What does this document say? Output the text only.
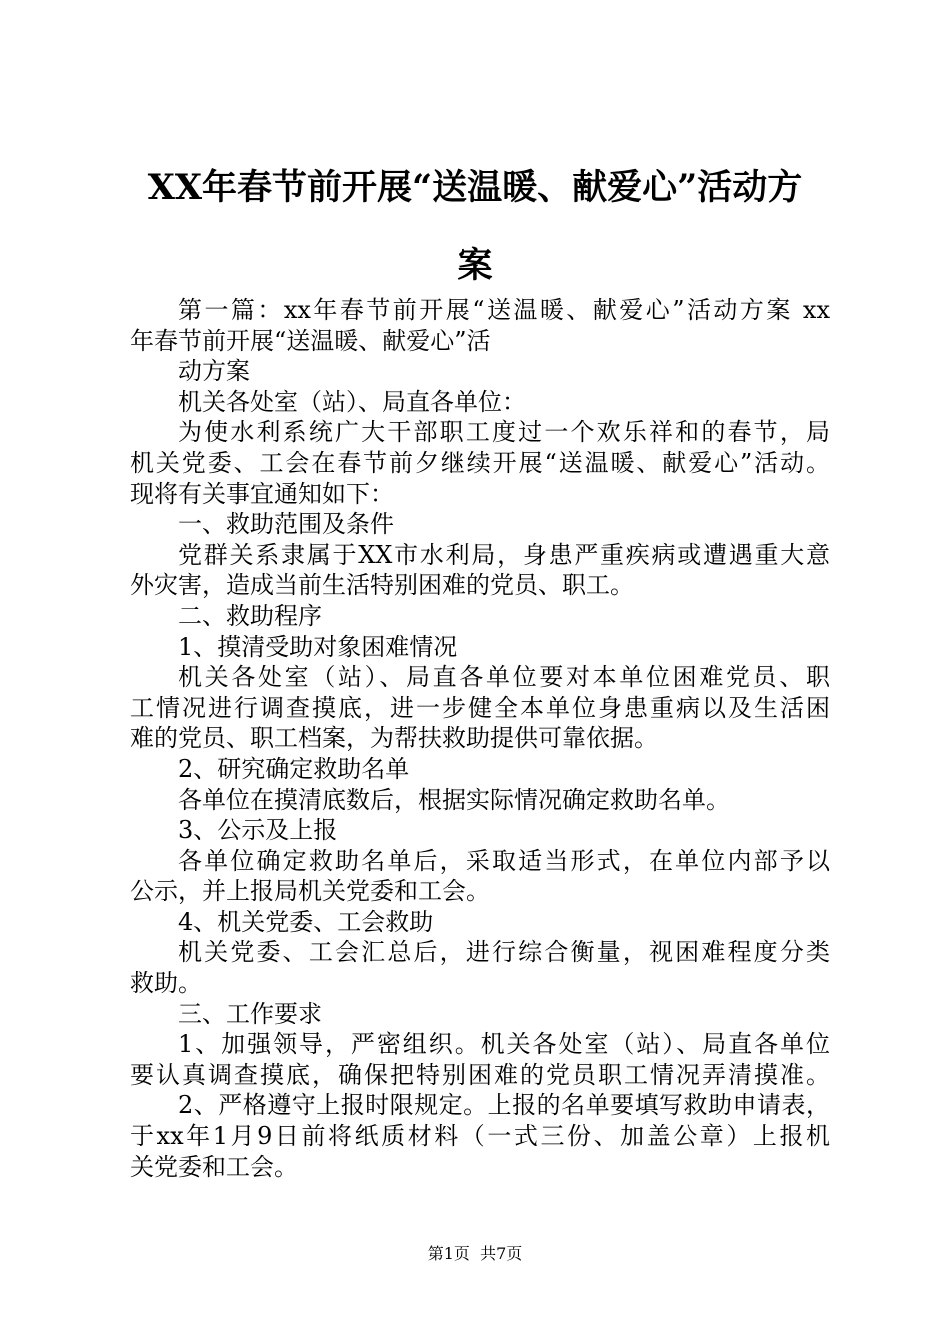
XX年春节前开展“送温暖、献爱心”活动方
案
第一篇：xx年春节前开展“送温暖、献爱心”活动方案 xx
年春节前开展“送温暖、献爱心”活
动方案
机关各处室（站）、局直各单位：
为使水利系统广大干部职工度过一个欢乐祥和的春节，局
机关党委、工会在春节前夕继续开展“送温暖、献爱心”活动。
现将有关事宜通知如下：
一、救助范围及条件
党群关系隶属于XX市水利局，身患严重疾病或遭遇重大意
外灾害，造成当前生活特别困难的党员、职工。
二、救助程序
1、摸清受助对象困难情况
机关各处室（站）、局直各单位要对本单位困难党员、职
工情况进行调查摸底，进一步健全本单位身患重病以及生活困
难的党员、职工档案，为帮扶救助提供可靠依据。
2、研究确定救助名单
各单位在摸清底数后，根据实际情况确定救助名单。
3、公示及上报
各单位确定救助名单后，采取适当形式，在单位内部予以
公示，并上报局机关党委和工会。
4、机关党委、工会救助
机关党委、工会汇总后，进行综合衡量，视困难程度分类
救助。
三、工作要求
1、加强领导，严密组织。机关各处室（站）、局直各单位
要认真调查摸底，确保把特别困难的党员职工情况弄清摸准。
2、严格遵守上报时限规定。上报的名单要填写救助申请表，
于xx年1月9日前将纸质材料（一式三份、加盖公章）上报机
关党委和工会。
第1页  共7页
